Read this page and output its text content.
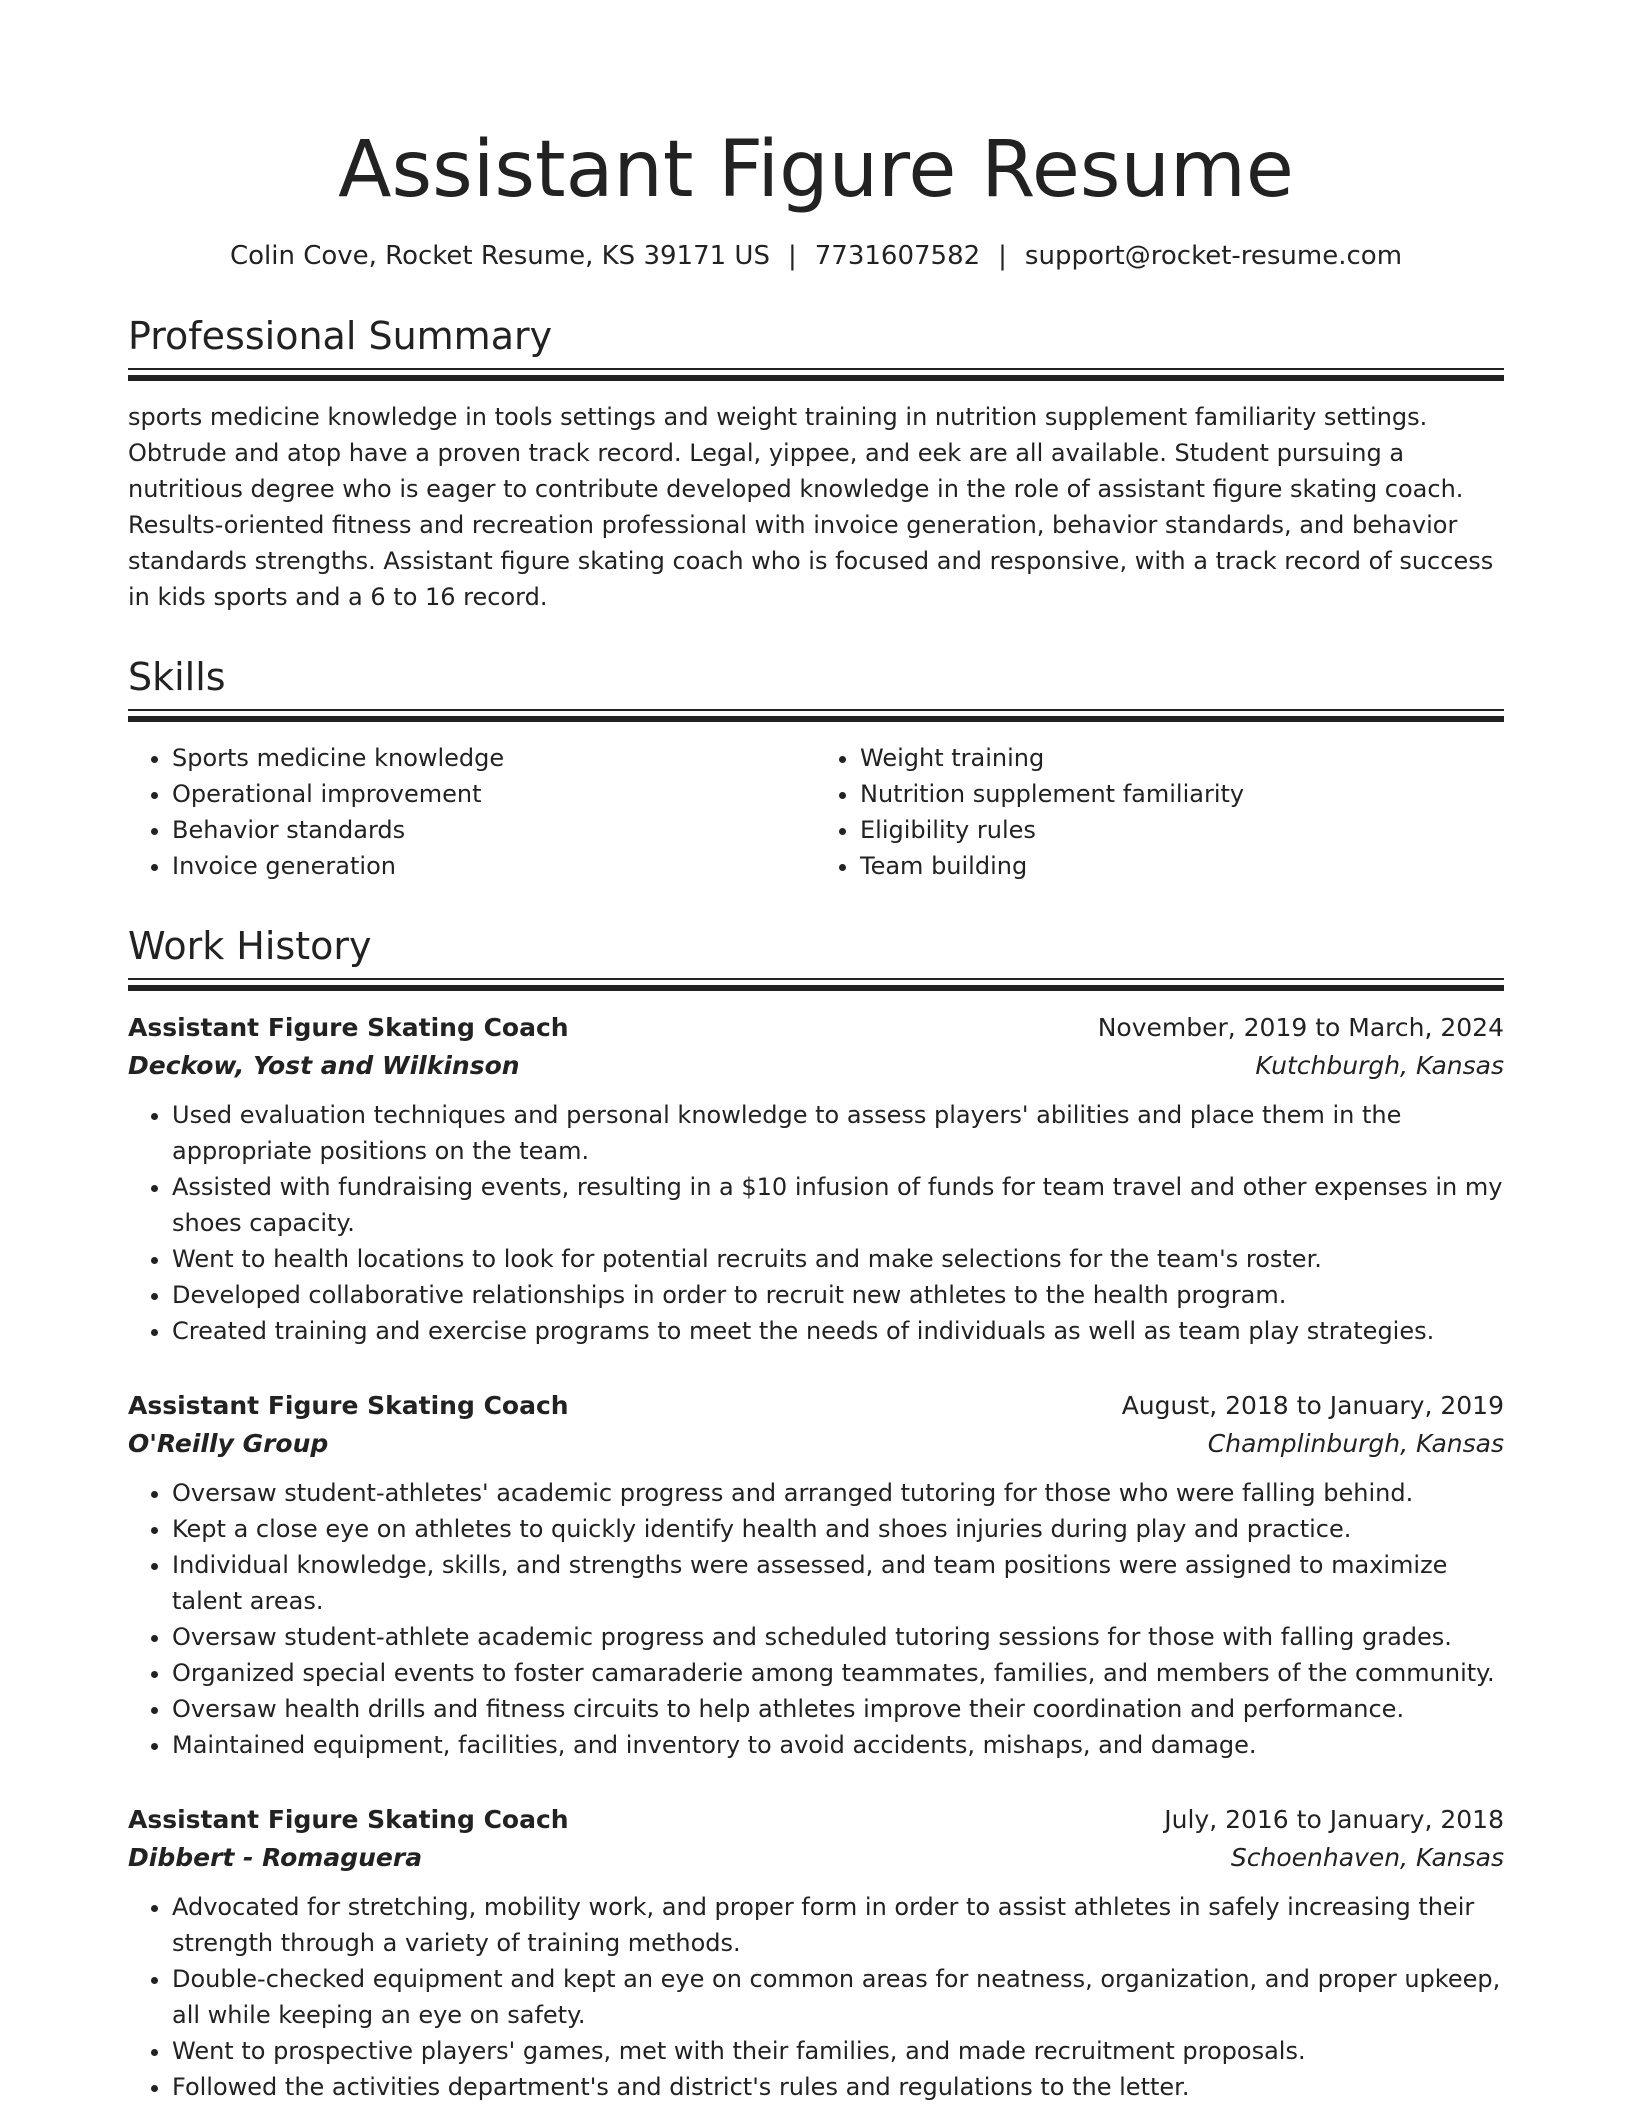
Assistant Figure Resume
Colin Cove, Rocket Resume, KS 39171 US | 7731607582 | support@rocket-resume.com
Professional Summary
sports medicine knowledge in tools settings and weight training in nutrition supplement familiarity settings. Obtrude and atop have a proven track record. Legal, yippee, and eek are all available. Student pursuing a nutritious degree who is eager to contribute developed knowledge in the role of assistant figure skating coach. Results-oriented fitness and recreation professional with invoice generation, behavior standards, and behavior standards strengths. Assistant figure skating coach who is focused and responsive, with a track record of success in kids sports and a 6 to 16 record.
Skills
• Sports medicine knowledge
• Operational improvement
• Behavior standards
• Invoice generation
• Weight training
• Nutrition supplement familiarity
• Eligibility rules
• Team building
Work History
Assistant Figure Skating Coach	November, 2019 to March, 2024
Deckow, Yost and Wilkinson	Kutchburgh, Kansas
• Used evaluation techniques and personal knowledge to assess players' abilities and place them in the appropriate positions on the team.
• Assisted with fundraising events, resulting in a $10 infusion of funds for team travel and other expenses in my shoes capacity.
• Went to health locations to look for potential recruits and make selections for the team's roster.
• Developed collaborative relationships in order to recruit new athletes to the health program.
• Created training and exercise programs to meet the needs of individuals as well as team play strategies.
Assistant Figure Skating Coach	August, 2018 to January, 2019
O'Reilly Group	Champlinburgh, Kansas
• Oversaw student-athletes' academic progress and arranged tutoring for those who were falling behind.
• Kept a close eye on athletes to quickly identify health and shoes injuries during play and practice.
• Individual knowledge, skills, and strengths were assessed, and team positions were assigned to maximize talent areas.
• Oversaw student-athlete academic progress and scheduled tutoring sessions for those with falling grades.
• Organized special events to foster camaraderie among teammates, families, and members of the community.
• Oversaw health drills and fitness circuits to help athletes improve their coordination and performance.
• Maintained equipment, facilities, and inventory to avoid accidents, mishaps, and damage.
Assistant Figure Skating Coach	July, 2016 to January, 2018
Dibbert - Romaguera	Schoenhaven, Kansas
• Advocated for stretching, mobility work, and proper form in order to assist athletes in safely increasing their strength through a variety of training methods.
• Double-checked equipment and kept an eye on common areas for neatness, organization, and proper upkeep, all while keeping an eye on safety.
• Went to prospective players' games, met with their families, and made recruitment proposals.
• Followed the activities department's and district's rules and regulations to the letter.
